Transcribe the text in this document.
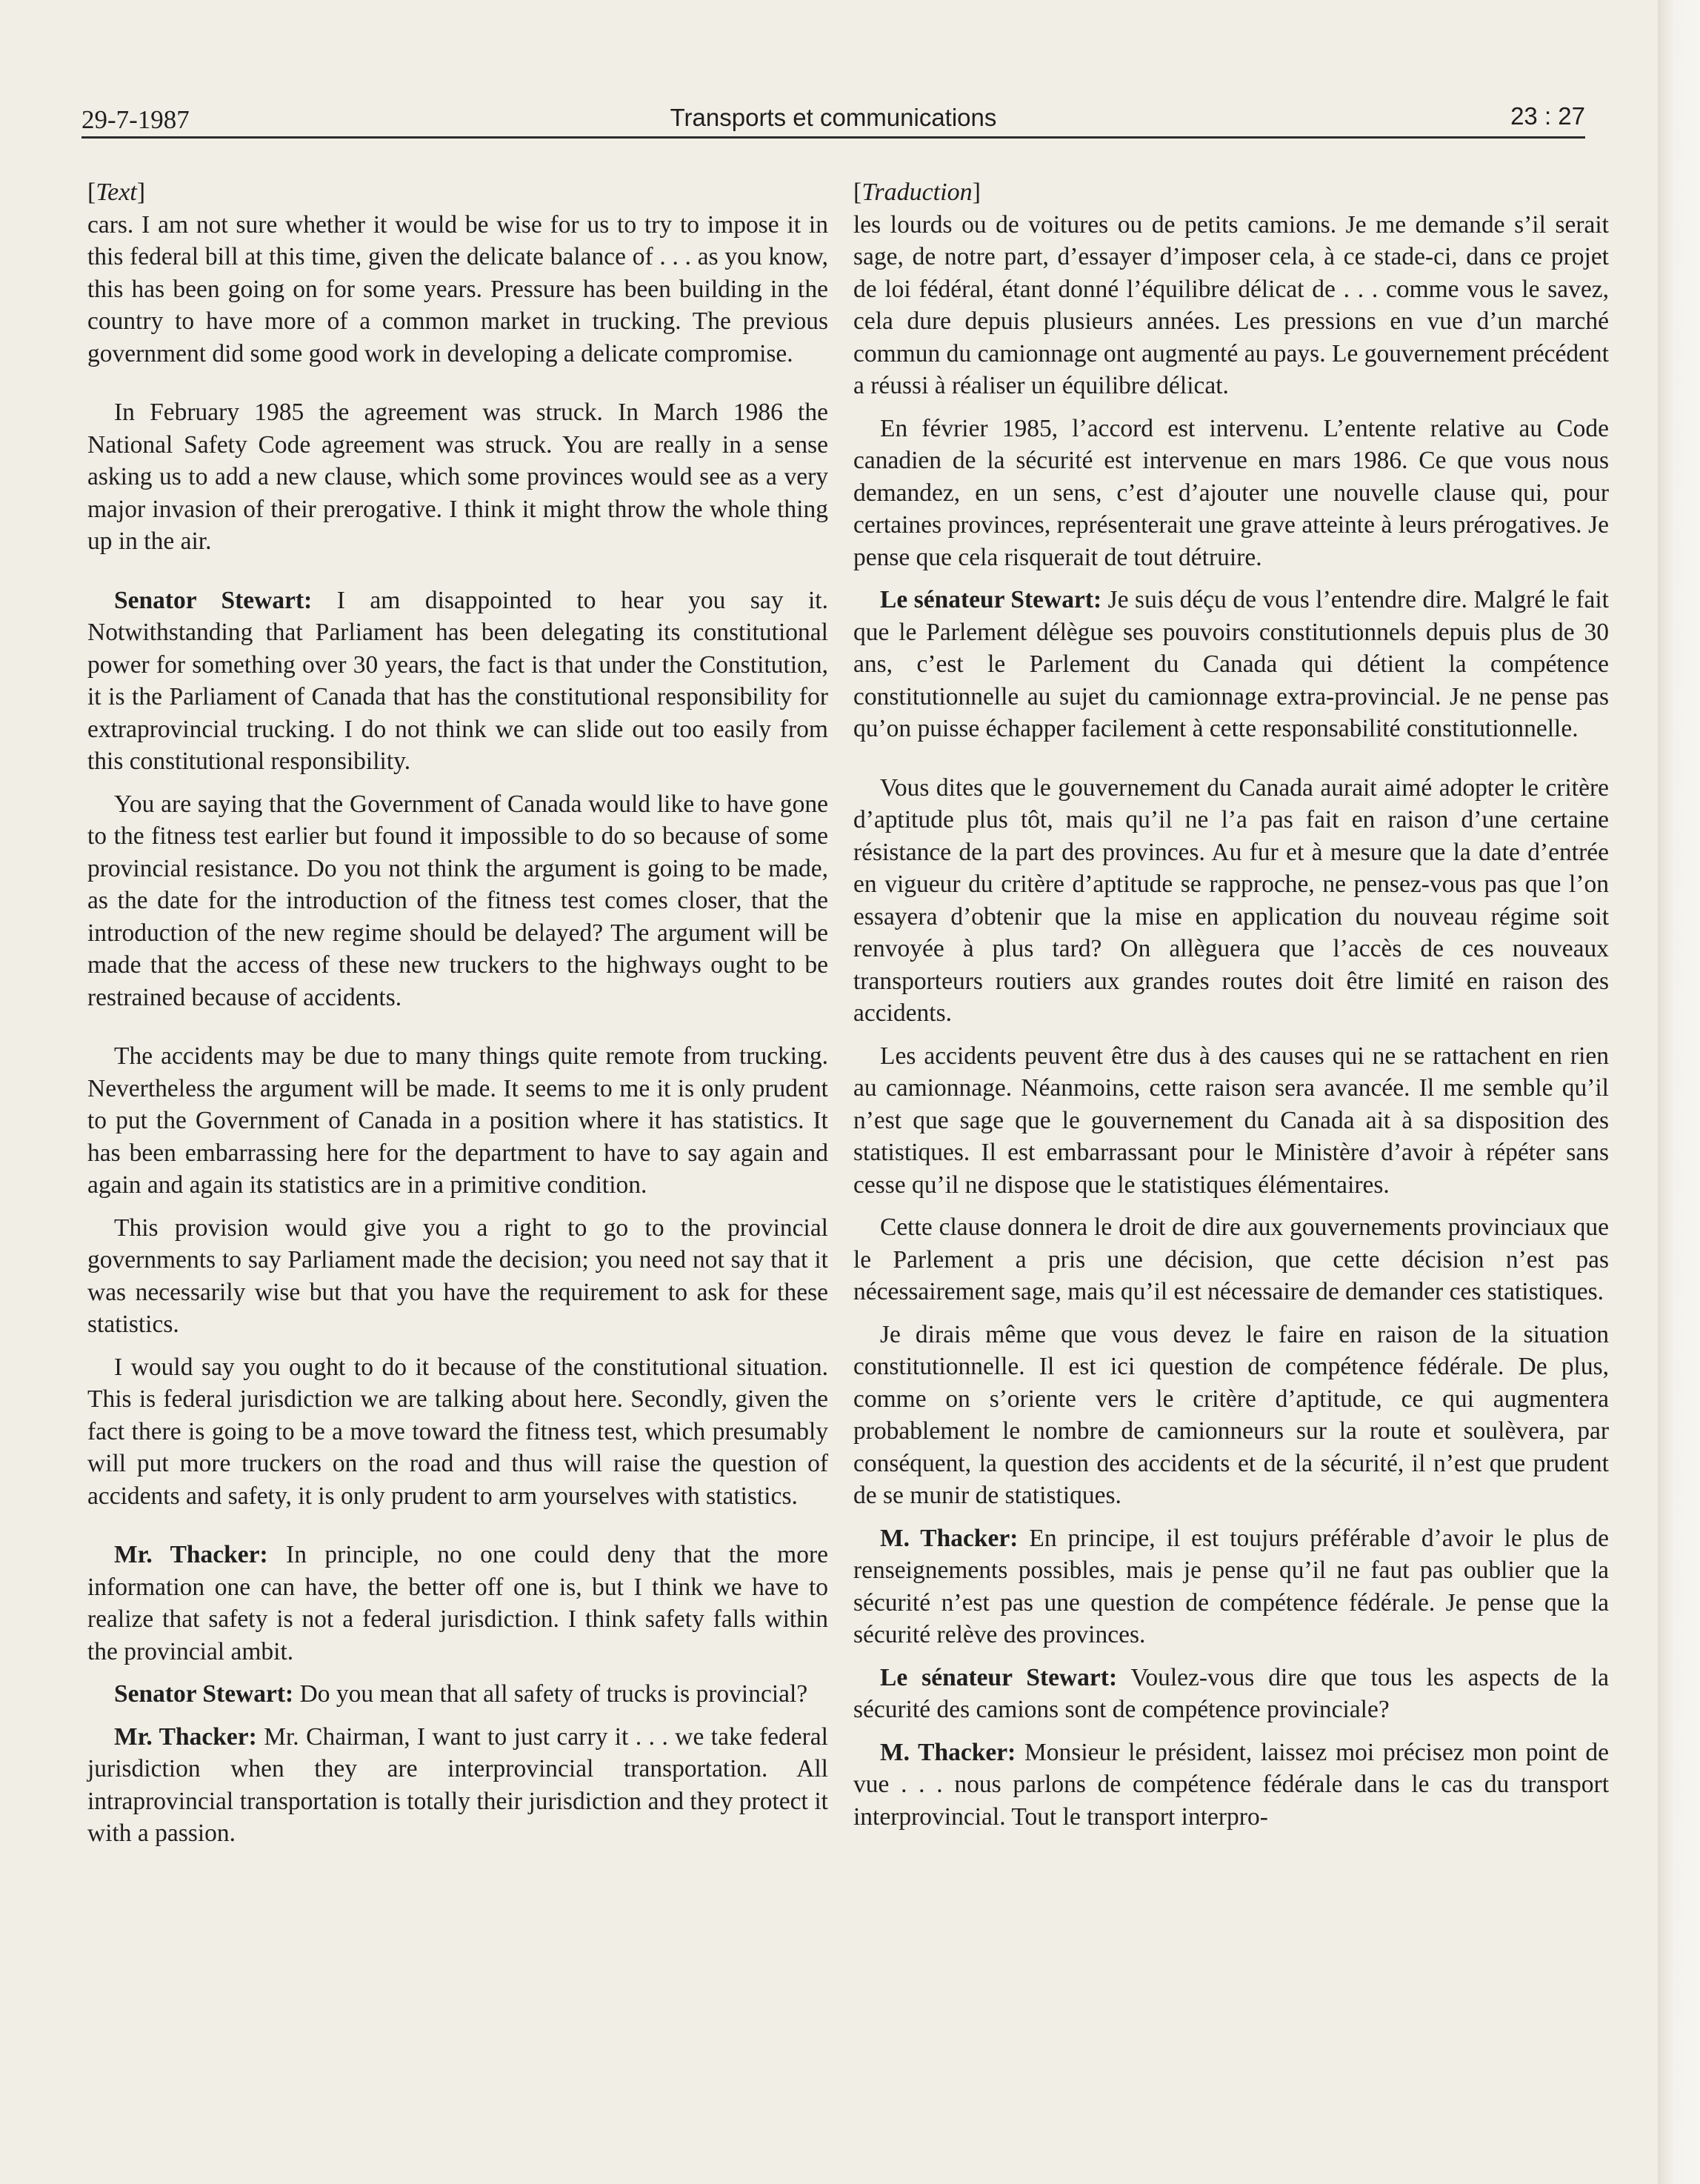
29-7-1987	Transports et communications	23 : 27

[Text]

cars. I am not sure whether it would be wise for us to try to impose it in this federal bill at this time, given the delicate balance of . . . as you know, this has been going on for some years. Pressure has been building in the country to have more of a common market in trucking. The previous government did some good work in developing a delicate compromise.

In February 1985 the agreement was struck. In March 1986 the National Safety Code agreement was struck. You are really in a sense asking us to add a new clause, which some provinces would see as a very major invasion of their prerogative. I think it might throw the whole thing up in the air.

Senator Stewart: I am disappointed to hear you say it. Notwithstanding that Parliament has been delegating its constitutional power for something over 30 years, the fact is that under the Constitution, it is the Parliament of Canada that has the constitutional responsibility for extraprovincial trucking. I do not think we can slide out too easily from this constitutional responsibility.

You are saying that the Government of Canada would like to have gone to the fitness test earlier but found it impossible to do so because of some provincial resistance. Do you not think the argument is going to be made, as the date for the introduction of the fitness test comes closer, that the introduction of the new regime should be delayed? The argument will be made that the access of these new truckers to the highways ought to be restrained because of accidents.

The accidents may be due to many things quite remote from trucking. Nevertheless the argument will be made. It seems to me it is only prudent to put the Government of Canada in a position where it has statistics. It has been embarrassing here for the department to have to say again and again and again its statistics are in a primitive condition.

This provision would give you a right to go to the provincial governments to say Parliament made the decision; you need not say that it was necessarily wise but that you have the requirement to ask for these statistics.

I would say you ought to do it because of the constitutional situation. This is federal jurisdiction we are talking about here. Secondly, given the fact there is going to be a move toward the fitness test, which presumably will put more truckers on the road and thus will raise the question of accidents and safety, it is only prudent to arm yourselves with statistics.

Mr. Thacker: In principle, no one could deny that the more information one can have, the better off one is, but I think we have to realize that safety is not a federal jurisdiction. I think safety falls within the provincial ambit.

Senator Stewart: Do you mean that all safety of trucks is provincial?

Mr. Thacker: Mr. Chairman, I want to just carry it . . . we take federal jurisdiction when they are interprovincial transportation. All intraprovincial transportation is totally their jurisdiction and they protect it with a passion.

[Traduction]

les lourds ou de voitures ou de petits camions. Je me demande s’il serait sage, de notre part, d’essayer d’imposer cela, à ce stade-ci, dans ce projet de loi fédéral, étant donné l’équilibre délicat de . . . comme vous le savez, cela dure depuis plusieurs années. Les pressions en vue d’un marché commun du camionnage ont augmenté au pays. Le gouvernement précédent a réussi à réaliser un équilibre délicat.

En février 1985, l’accord est intervenu. L’entente relative au Code canadien de la sécurité est intervenue en mars 1986. Ce que vous nous demandez, en un sens, c’est d’ajouter une nouvelle clause qui, pour certaines provinces, représenterait une grave atteinte à leurs prérogatives. Je pense que cela risquerait de tout détruire.

Le sénateur Stewart: Je suis déçu de vous l’entendre dire. Malgré le fait que le Parlement délègue ses pouvoirs constitutionnels depuis plus de 30 ans, c’est le Parlement du Canada qui détient la compétence constitutionnelle au sujet du camionnage extra-provincial. Je ne pense pas qu’on puisse échapper facilement à cette responsabilité constitutionnelle.

Vous dites que le gouvernement du Canada aurait aimé adopter le critère d’aptitude plus tôt, mais qu’il ne l’a pas fait en raison d’une certaine résistance de la part des provinces. Au fur et à mesure que la date d’entrée en vigueur du critère d’aptitude se rapproche, ne pensez-vous pas que l’on essayera d’obtenir que la mise en application du nouveau régime soit renvoyée à plus tard? On allèguera que l’accès de ces nouveaux transporteurs routiers aux grandes routes doit être limité en raison des accidents.

Les accidents peuvent être dus à des causes qui ne se rattachent en rien au camionnage. Néanmoins, cette raison sera avancée. Il me semble qu’il n’est que sage que le gouvernement du Canada ait à sa disposition des statistiques. Il est embarrassant pour le Ministère d’avoir à répéter sans cesse qu’il ne dispose que le statistiques élémentaires.

Cette clause donnera le droit de dire aux gouvernements provinciaux que le Parlement a pris une décision, que cette décision n’est pas nécessairement sage, mais qu’il est nécessaire de demander ces statistiques.

Je dirais même que vous devez le faire en raison de la situation constitutionnelle. Il est ici question de compétence fédérale. De plus, comme on s’oriente vers le critère d’aptitude, ce qui augmentera probablement le nombre de camionneurs sur la route et soulèvera, par conséquent, la question des accidents et de la sécurité, il n’est que prudent de se munir de statistiques.

M. Thacker: En principe, il est toujurs préférable d’avoir le plus de renseignements possibles, mais je pense qu’il ne faut pas oublier que la sécurité n’est pas une question de compétence fédérale. Je pense que la sécurité relève des provinces.

Le sénateur Stewart: Voulez-vous dire que tous les aspects de la sécurité des camions sont de compétence provinciale?

M. Thacker: Monsieur le président, laissez moi précisez mon point de vue . . . nous parlons de compétence fédérale dans le cas du transport interprovincial. Tout le transport interpro-
